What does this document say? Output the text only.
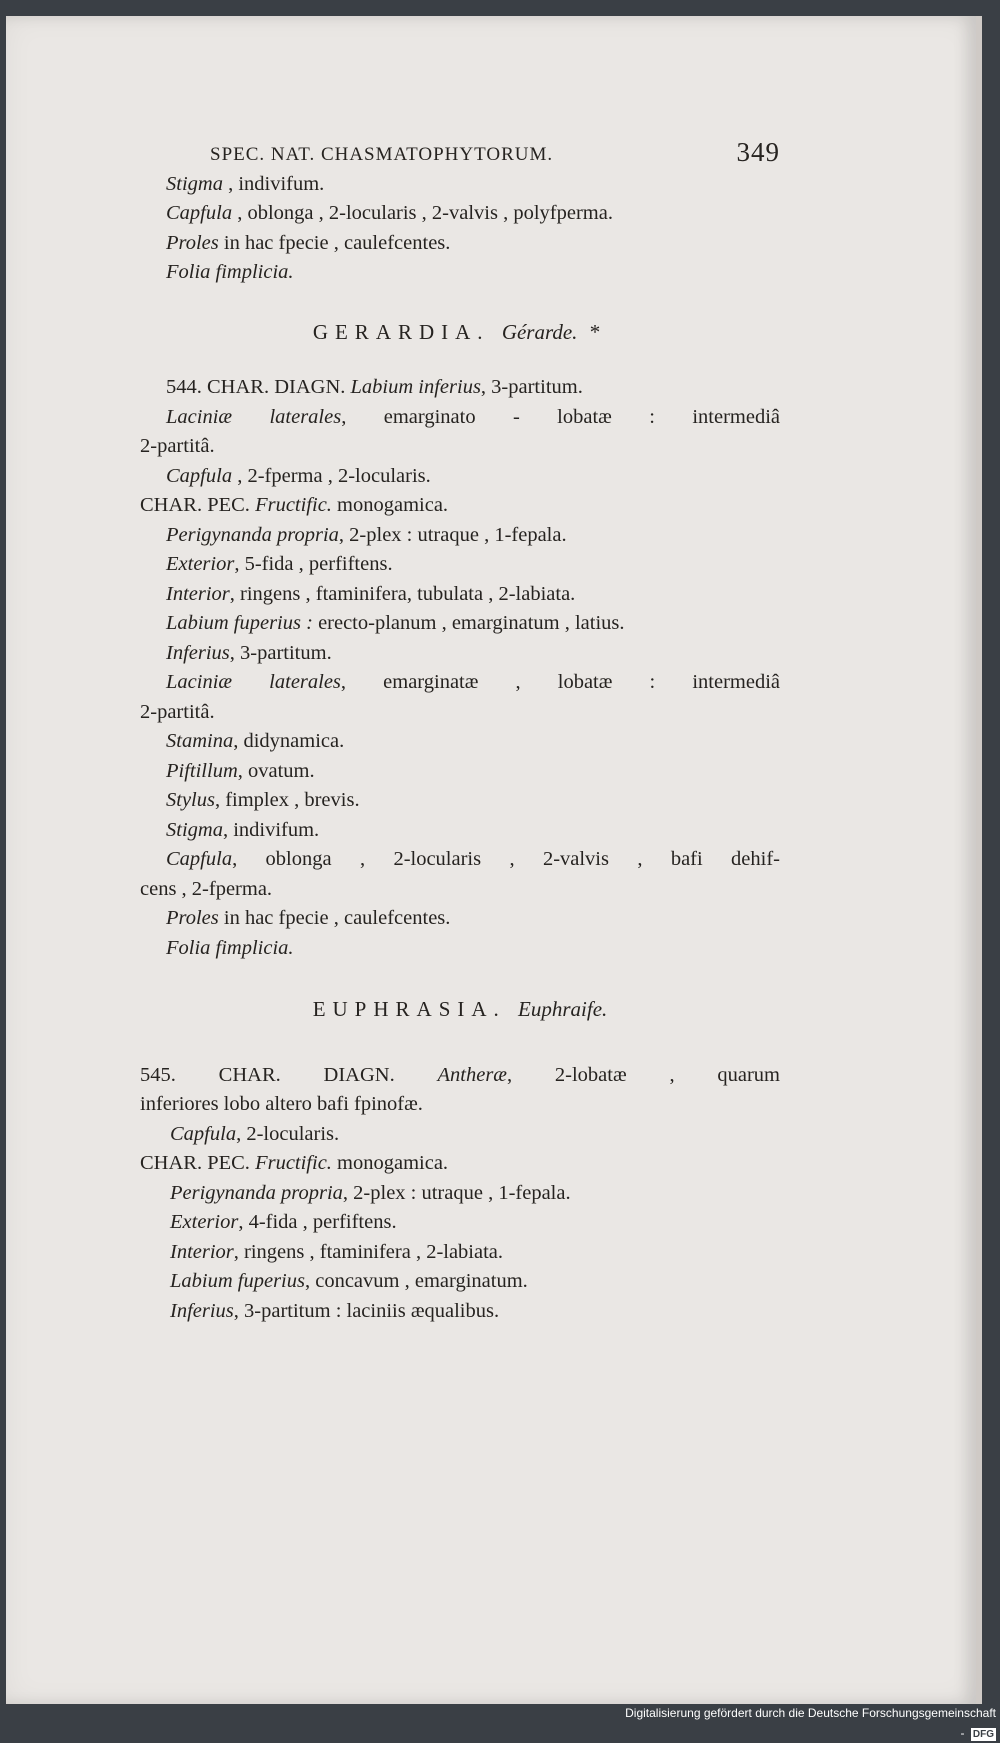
SPEC. NAT. CHASMATOPHYTORUM.	349
Stigma , indivifum.
Capfula , oblonga , 2-locularis , 2-valvis , polyfperma.
Proles in hac fpecie , caulefcentes.
Folia fimplicia.
GERARDIA. Gérarde. *
544. CHAR. DIAGN. Labium inferius, 3-partitum.
Laciniæ laterales, emarginato - lobatæ : intermediâ
2-partitâ.
Capfula , 2-fperma , 2-locularis.
CHAR. PEC. Fructific. monogamica.
Perigynanda propria, 2-plex : utraque , 1-fepala.
Exterior, 5-fida , perfiftens.
Interior, ringens , ftaminifera, tubulata , 2-labiata.
Labium fuperius : erecto-planum , emarginatum , latius.
Inferius, 3-partitum.
Laciniæ laterales, emarginatæ , lobatæ : intermediâ
2-partitâ.
Stamina, didynamica.
Piftillum, ovatum.
Stylus, fimplex , brevis.
Stigma, indivifum.
Capfula, oblonga , 2-locularis , 2-valvis , bafi dehif-
cens , 2-fperma.
Proles in hac fpecie , caulefcentes.
Folia fimplicia.
EUPHRASIA. Euphraife.
545. CHAR. DIAGN. Antheræ, 2-lobatæ , quarum
inferiores lobo altero bafi fpinofæ.
Capfula, 2-locularis.
CHAR. PEC. Fructific. monogamica.
Perigynanda propria, 2-plex : utraque , 1-fepala.
Exterior, 4-fida , perfiftens.
Interior, ringens , ftaminifera , 2-labiata.
Labium fuperius, concavum , emarginatum.
Inferius, 3-partitum : laciniis æqualibus.
Digitalisierung gefördert durch die Deutsche Forschungsgemeinschaft - DFG
